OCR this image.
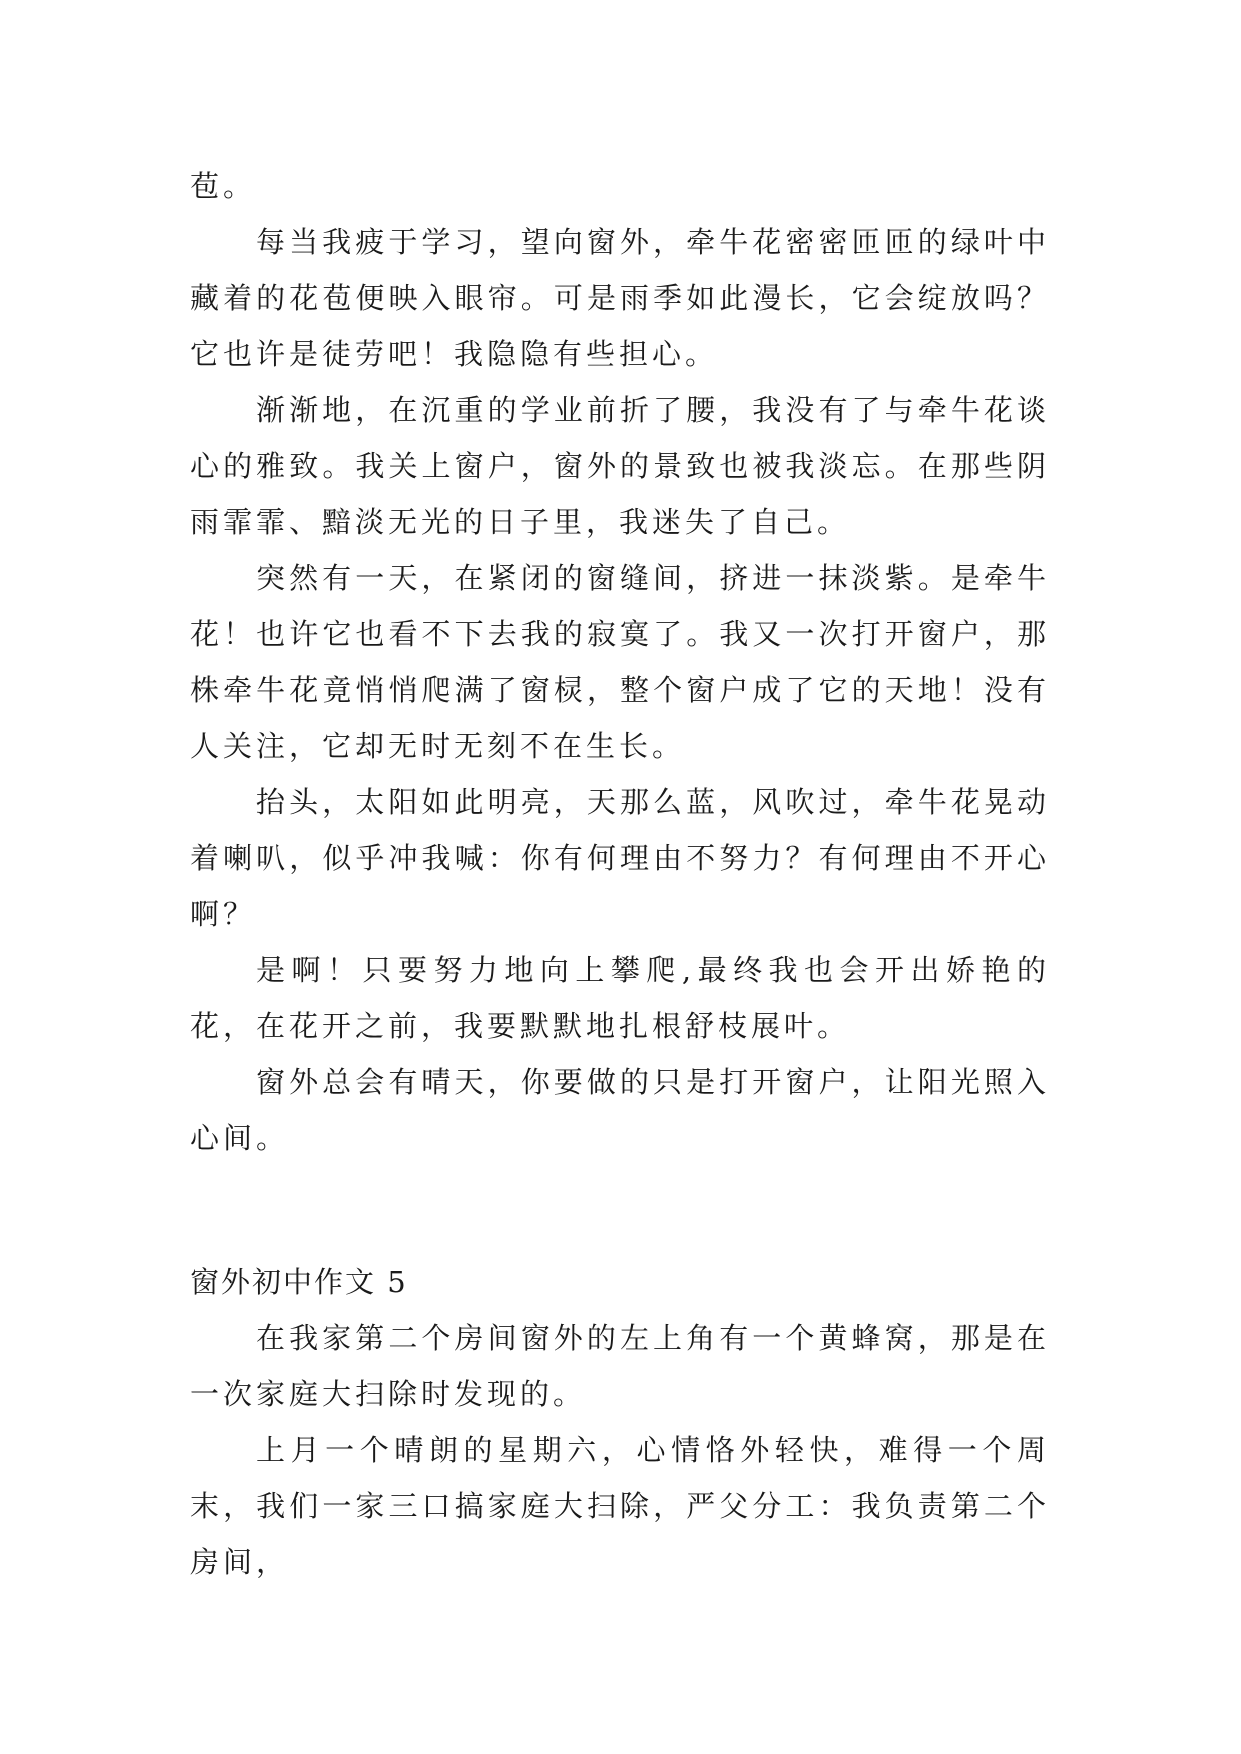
苞。

每当我疲于学习，望向窗外，牵牛花密密匝匝的绿叶中藏着的花苞便映入眼帘。可是雨季如此漫长，它会绽放吗？它也许是徒劳吧！我隐隐有些担心。

渐渐地，在沉重的学业前折了腰，我没有了与牵牛花谈心的雅致。我关上窗户，窗外的景致也被我淡忘。在那些阴雨霏霏、黯淡无光的日子里，我迷失了自己。

突然有一天，在紧闭的窗缝间，挤进一抹淡紫。是牵牛花！也许它也看不下去我的寂寞了。我又一次打开窗户，那株牵牛花竟悄悄爬满了窗棂，整个窗户成了它的天地！没有人关注，它却无时无刻不在生长。

抬头，太阳如此明亮，天那么蓝，风吹过，牵牛花晃动着喇叭，似乎冲我喊：你有何理由不努力？有何理由不开心啊？

是啊！只要努力地向上攀爬,最终我也会开出娇艳的花，在花开之前，我要默默地扎根舒枝展叶。

窗外总会有晴天，你要做的只是打开窗户，让阳光照入心间。

窗外初中作文 5

在我家第二个房间窗外的左上角有一个黄蜂窝，那是在一次家庭大扫除时发现的。

上月一个晴朗的星期六，心情恪外轻快，难得一个周末，我们一家三口搞家庭大扫除，严父分工：我负责第二个房间，
